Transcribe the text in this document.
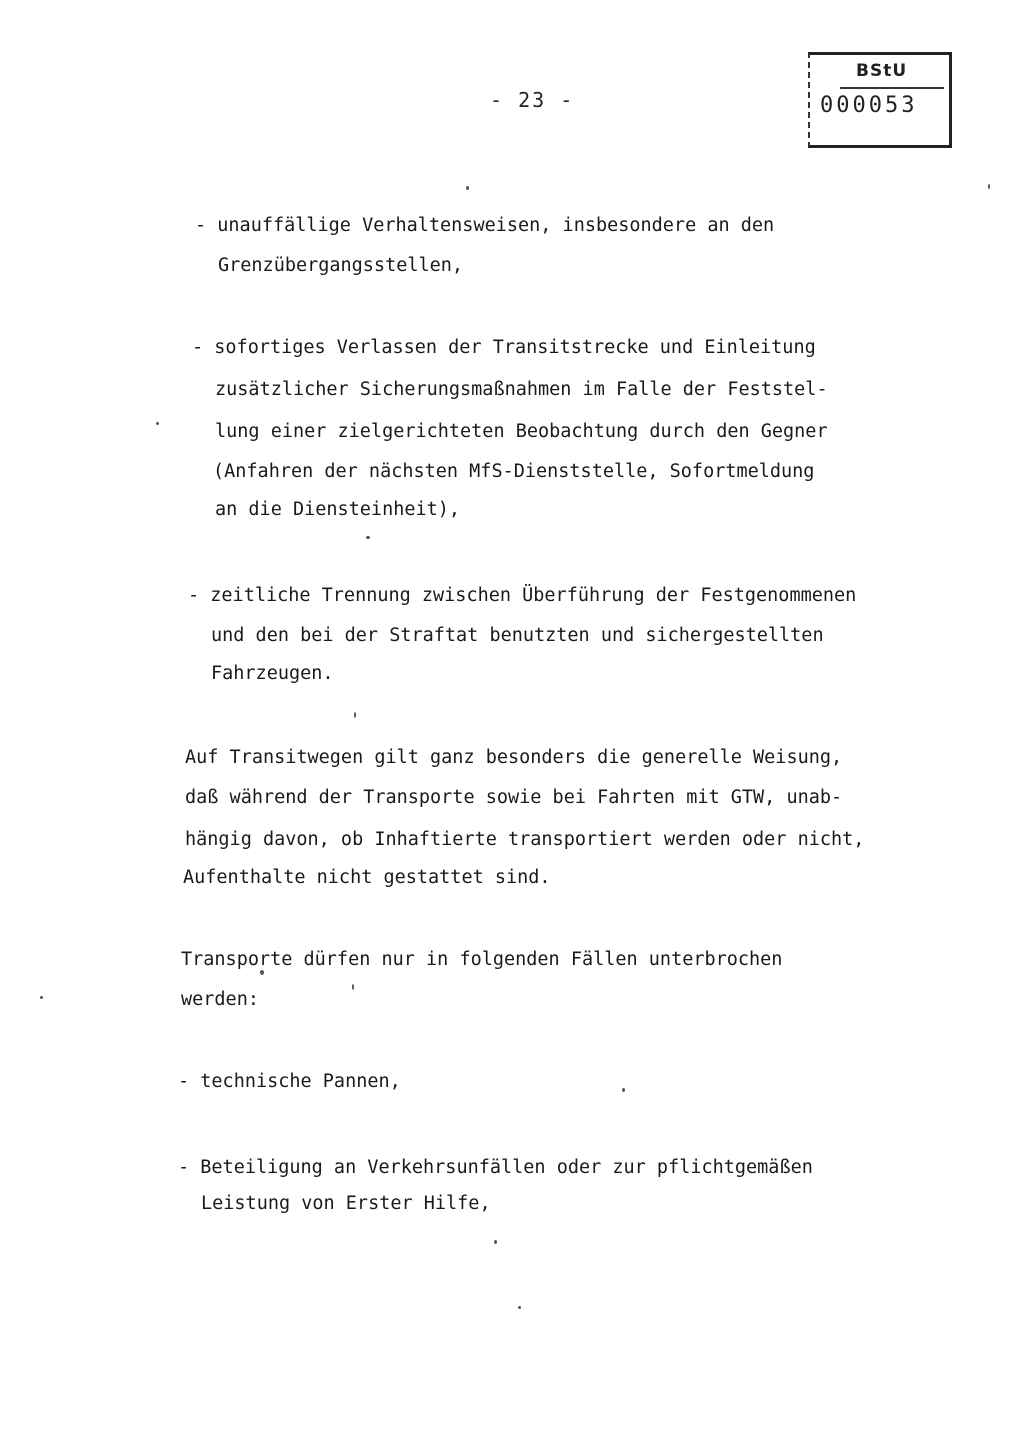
- 23 -
BStU
000053
- unauffällige Verhaltensweisen, insbesondere an den
Grenzübergangsstellen,
- sofortiges Verlassen der Transitstrecke und Einleitung
zusätzlicher Sicherungsmaßnahmen im Falle der Feststel-
lung einer zielgerichteten Beobachtung durch den Gegner
(Anfahren der nächsten MfS-Dienststelle, Sofortmeldung
an die Diensteinheit),
- zeitliche Trennung zwischen Überführung der Festgenommenen
und den bei der Straftat benutzten und sichergestellten
Fahrzeugen.
Auf Transitwegen gilt ganz besonders die generelle Weisung,
daß während der Transporte sowie bei Fahrten mit GTW, unab-
hängig davon, ob Inhaftierte transportiert werden oder nicht,
Aufenthalte nicht gestattet sind.
Transporte dürfen nur in folgenden Fällen unterbrochen
werden:
- technische Pannen,
- Beteiligung an Verkehrsunfällen oder zur pflichtgemäßen
Leistung von Erster Hilfe,
